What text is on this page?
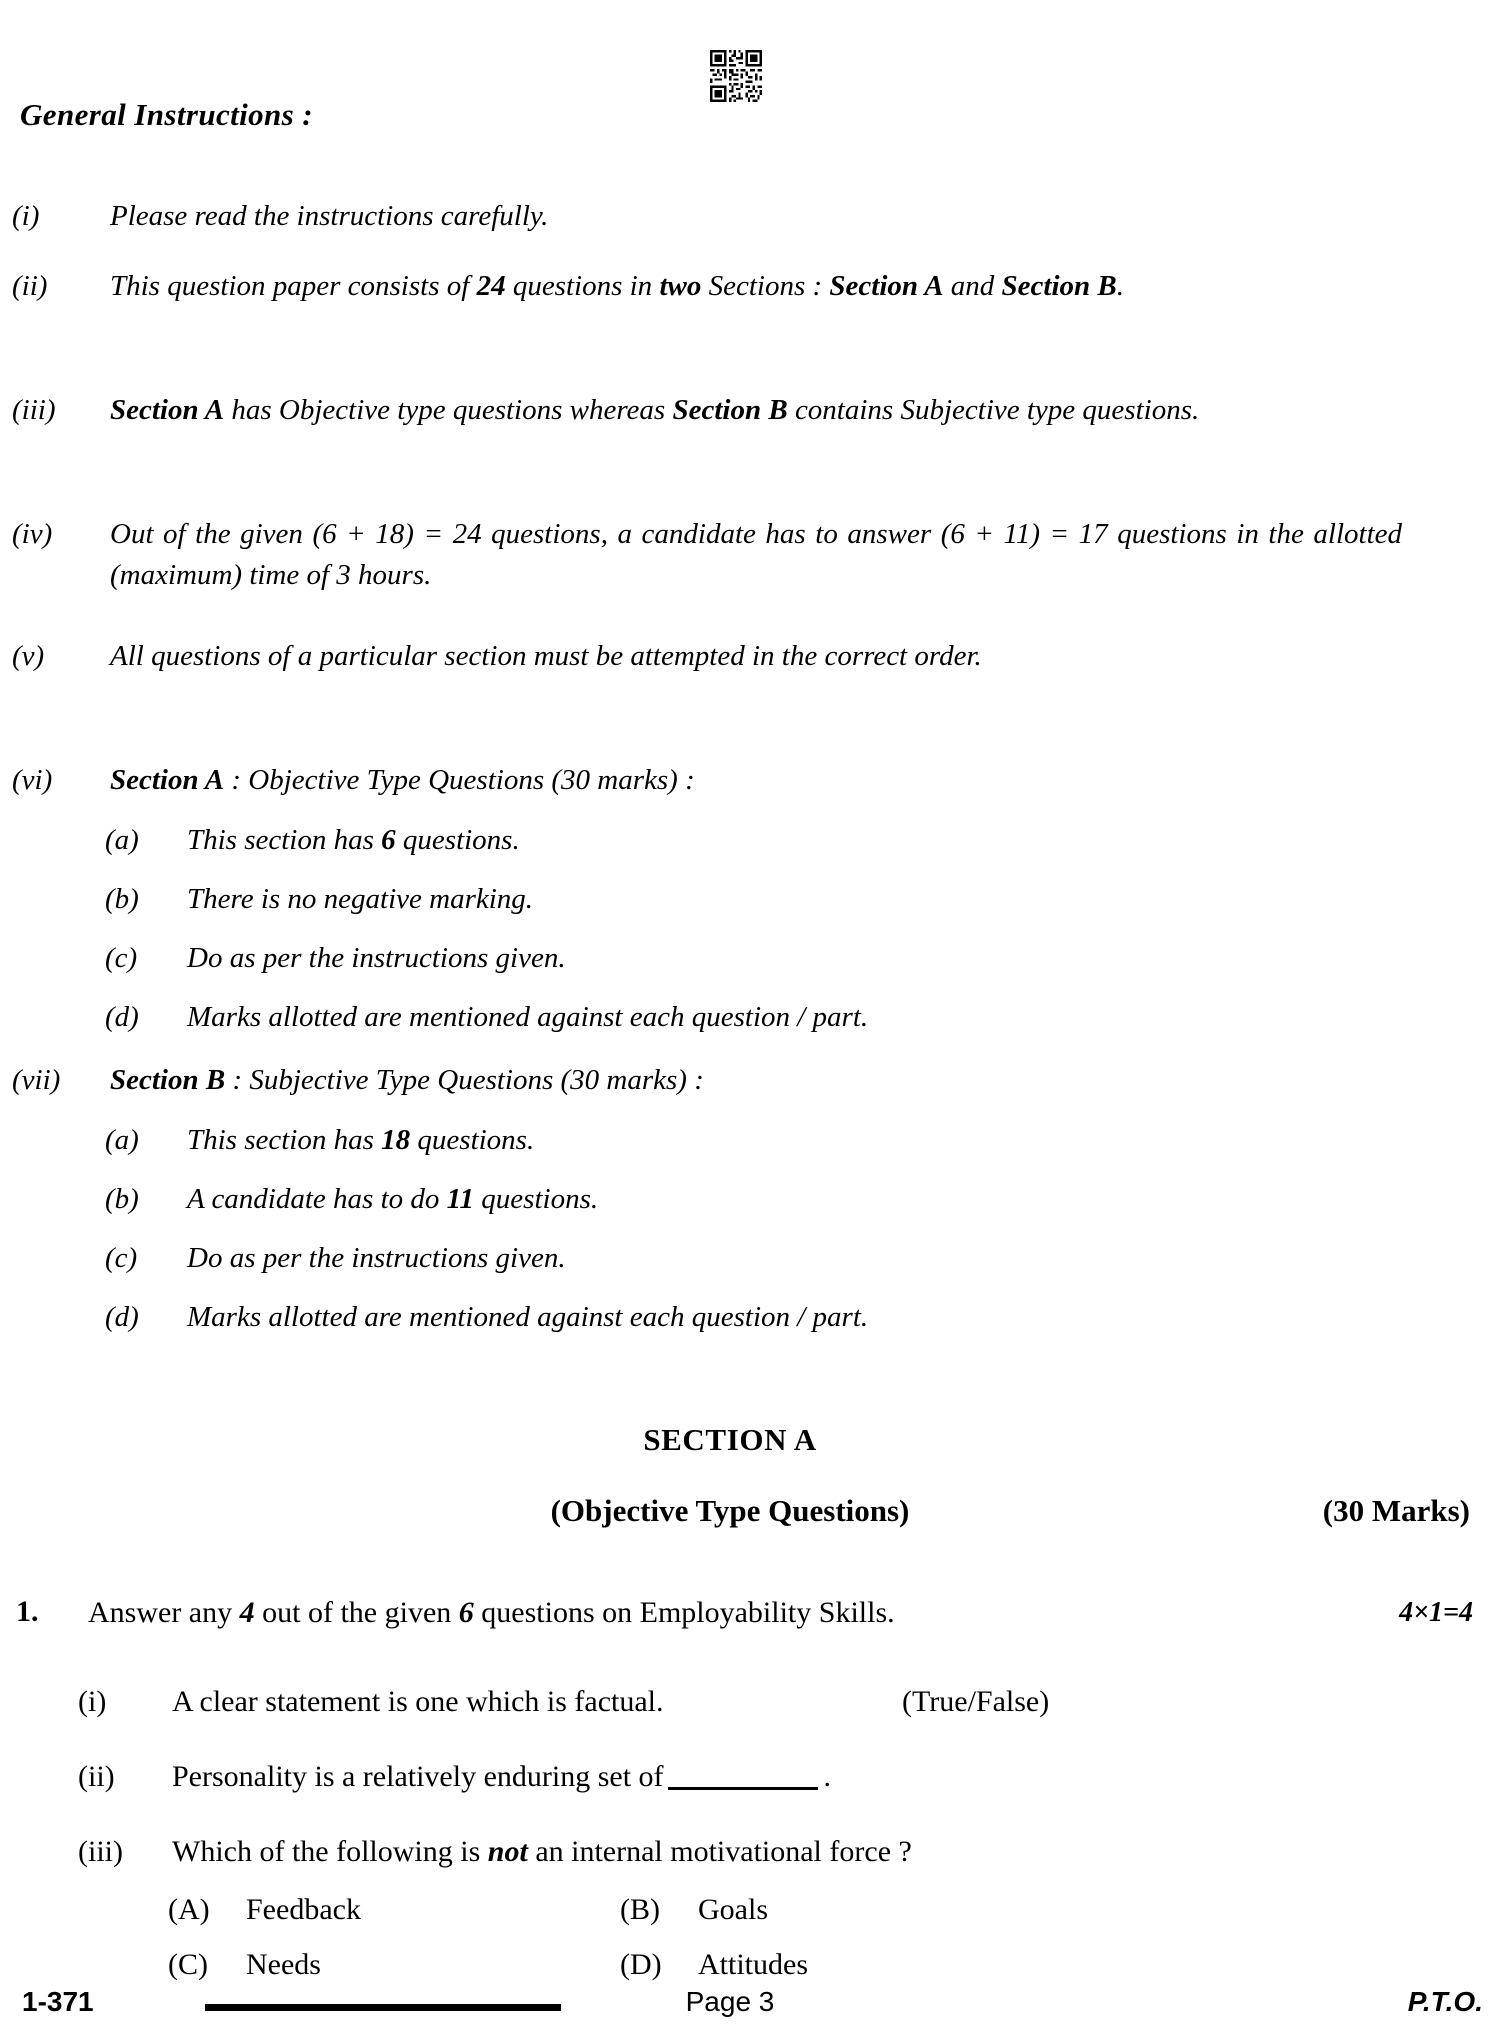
General Instructions :
(i)	Please read the instructions carefully.
(ii)	This question paper consists of 24 questions in two Sections : Section A and Section B.
(iii)	Section A has Objective type questions whereas Section B contains Subjective type questions.
(iv)	Out of the given (6 + 18) = 24 questions, a candidate has to answer (6 + 11) = 17 questions in the allotted (maximum) time of 3 hours.
(v)	All questions of a particular section must be attempted in the correct order.
(vi)	Section A : Objective Type Questions (30 marks) :
(a)	This section has 6 questions.
(b)	There is no negative marking.
(c)	Do as per the instructions given.
(d)	Marks allotted are mentioned against each question / part.
(vii)	Section B : Subjective Type Questions (30 marks) :
(a)	This section has 18 questions.
(b)	A candidate has to do 11 questions.
(c)	Do as per the instructions given.
(d)	Marks allotted are mentioned against each question / part.
SECTION A
(Objective Type Questions)	(30 Marks)
1. Answer any 4 out of the given 6 questions on Employability Skills.	4×1=4
(i)	A clear statement is one which is factual.	(True/False)
(ii)	Personality is a relatively enduring set of	.
(iii)	Which of the following is not an internal motivational force ?
(A) Feedback	(B) Goals
(C) Needs	(D) Attitudes
1-371	Page 3	P.T.O.
